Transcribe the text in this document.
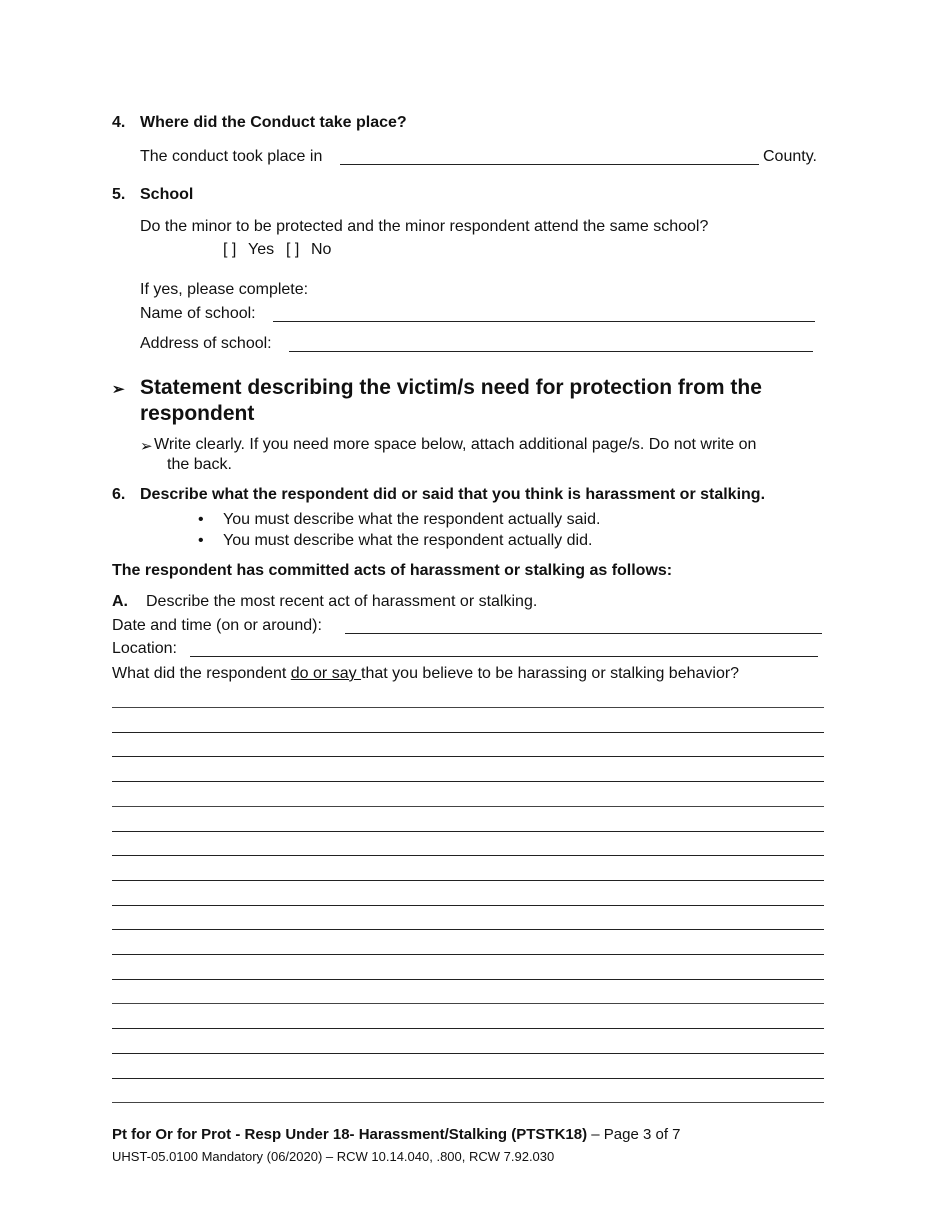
4. Where did the Conduct take place?
The conduct took place in	County.
5. School
Do the minor to be protected and the minor respondent attend the same school?
[ ] Yes [ ] No
If yes, please complete:
Name of school:
Address of school:
➢ Statement describing the victim/s need for protection from the
respondent
➢ Write clearly. If you need more space below, attach additional page/s. Do not write on
the back.
6. Describe what the respondent did or said that you think is harassment or stalking.
• You must describe what the respondent actually said.
• You must describe what the respondent actually did.
The respondent has committed acts of harassment or stalking as follows:
A. Describe the most recent act of harassment or stalking.
Date and time (on or around):
Location:
What did the respondent do or say that you believe to be harassing or stalking behavior?
Pt for Or for Prot - Resp Under 18- Harassment/Stalking (PTSTK18) – Page 3 of 7
UHST-05.0100 Mandatory (06/2020) – RCW 10.14.040, .800, RCW 7.92.030
